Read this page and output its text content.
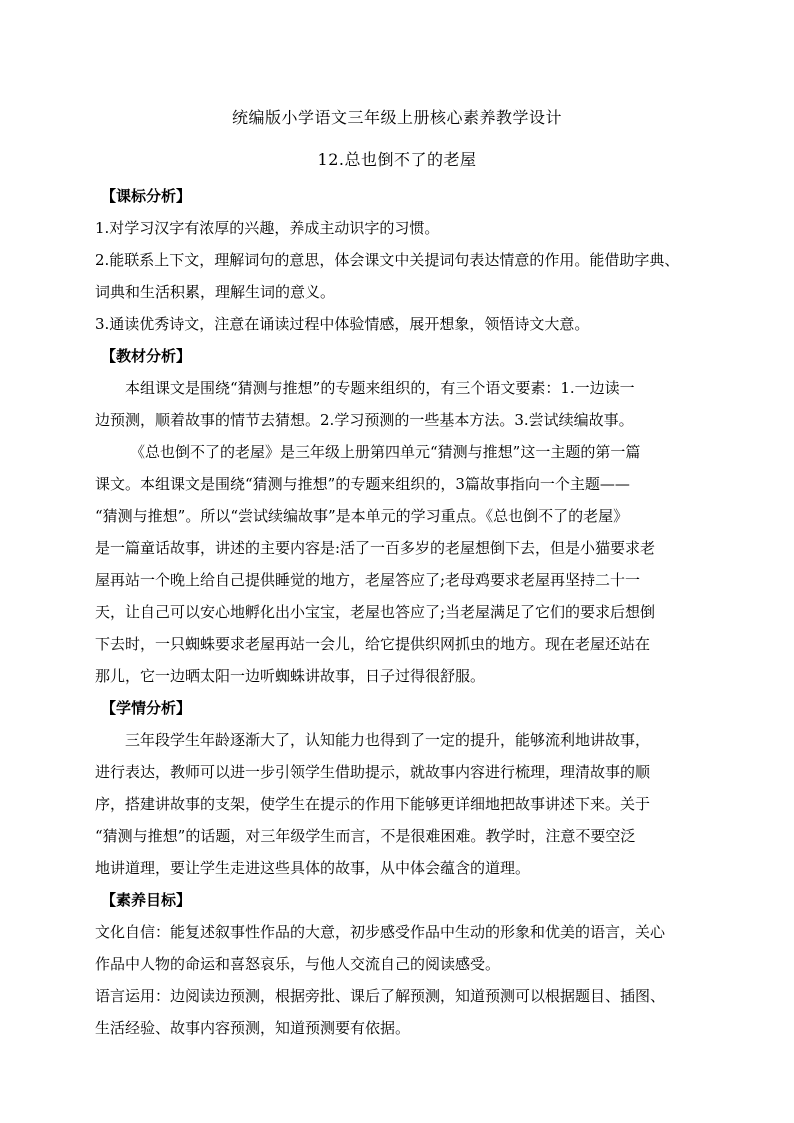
统编版小学语文三年级上册核心素养教学设计
12.总也倒不了的老屋
【课标分析】
1.对学习汉字有浓厚的兴趣，养成主动识字的习惯。
2.能联系上下文，理解词句的意思，体会课文中关提词句表达情意的作用。能借助字典、
词典和生活积累，理解生词的意义。
3.通读优秀诗文，注意在诵读过程中体验情感，展开想象，领悟诗文大意。
【教材分析】
本组课文是围绕“猜测与推想”的专题来组织的，有三个语文要素：1.一边读一
边预测，顺着故事的情节去猜想。2.学习预测的一些基本方法。3.尝试续编故事。
《总也倒不了的老屋》是三年级上册第四单元“猜测与推想”这一主题的第一篇
课文。本组课文是围绕“猜测与推想”的专题来组织的，3篇故事指向一个主题——
“猜测与推想”。所以“尝试续编故事”是本单元的学习重点。《总也倒不了的老屋》
是一篇童话故事，讲述的主要内容是:活了一百多岁的老屋想倒下去，但是小猫要求老
屋再站一个晚上给自己提供睡觉的地方，老屋答应了;老母鸡要求老屋再坚持二十一
天，让自己可以安心地孵化出小宝宝，老屋也答应了;当老屋满足了它们的要求后想倒
下去时，一只蜘蛛要求老屋再站一会儿，给它提供织网抓虫的地方。现在老屋还站在
那儿，它一边晒太阳一边听蜘蛛讲故事，日子过得很舒服。
【学情分析】
三年段学生年龄逐渐大了，认知能力也得到了一定的提升，能够流利地讲故事，
进行表达，教师可以进一步引领学生借助提示，就故事内容进行梳理，理清故事的顺
序，搭建讲故事的支架，使学生在提示的作用下能够更详细地把故事讲述下来。关于
“猜测与推想”的话题，对三年级学生而言，不是很难困难。教学时，注意不要空泛
地讲道理，要让学生走进这些具体的故事，从中体会蕴含的道理。
【素养目标】
文化自信：能复述叙事性作品的大意，初步感受作品中生动的形象和优美的语言，关心
作品中人物的命运和喜怒哀乐，与他人交流自己的阅读感受。
语言运用：边阅读边预测，根据旁批、课后了解预测，知道预测可以根据题目、插图、
生活经验、故事内容预测，知道预测要有依据。
